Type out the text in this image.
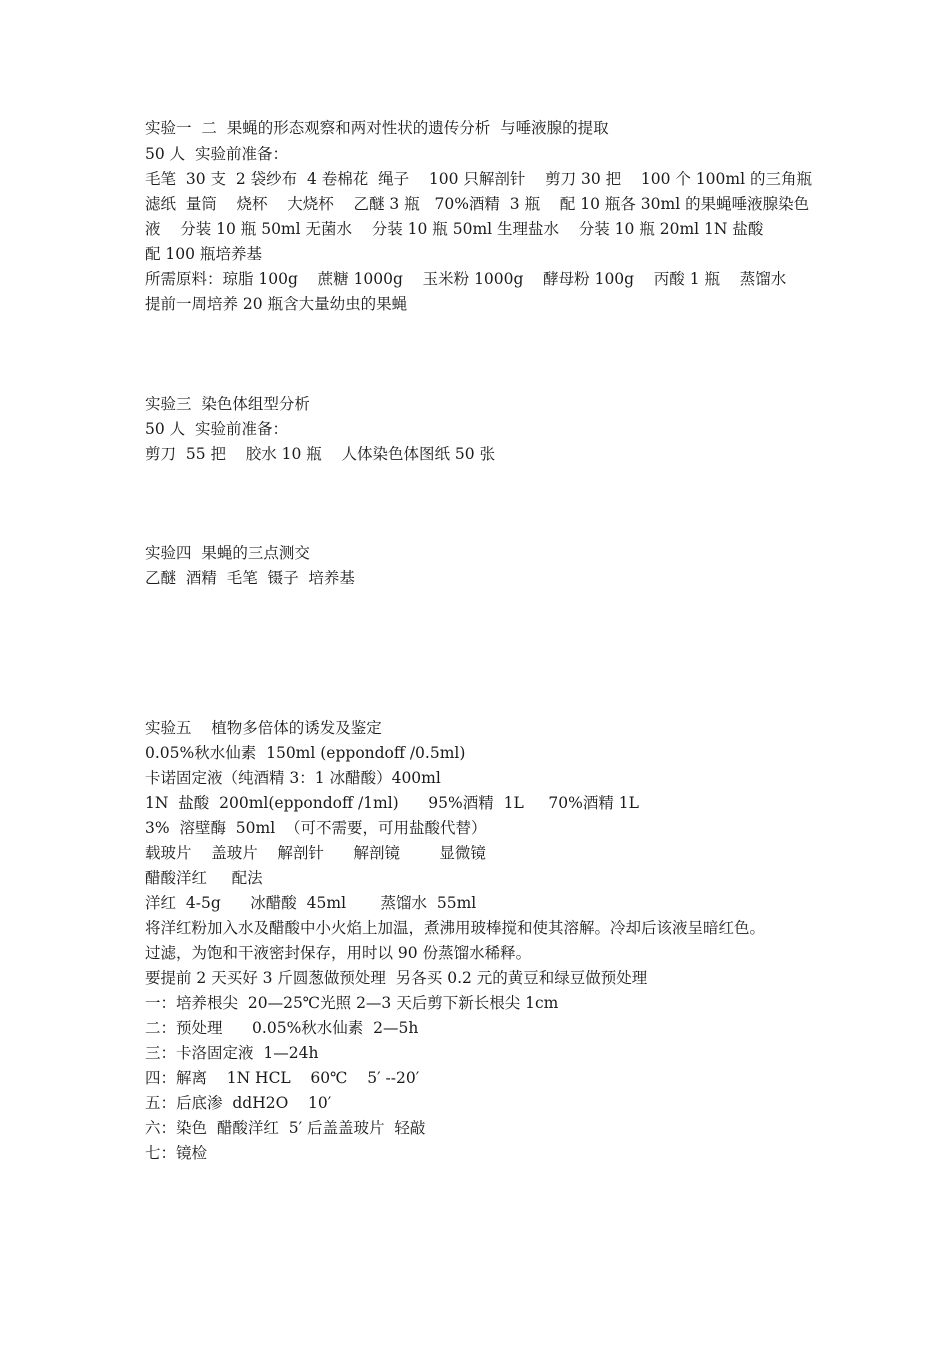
实验一  二  果蝇的形态观察和两对性状的遗传分析  与唾液腺的提取
50 人  实验前准备：
毛笔  30 支  2 袋纱布  4 卷棉花  绳子    100 只解剖针    剪刀 30 把    100 个 100ml 的三角瓶
滤纸  量筒    烧杯    大烧杯    乙醚 3 瓶   70%酒精  3 瓶    配 10 瓶各 30ml 的果蝇唾液腺染色
液    分装 10 瓶 50ml 无菌水    分装 10 瓶 50ml 生理盐水    分装 10 瓶 20ml 1N 盐酸
配 100 瓶培养基
所需原料：琼脂 100g    蔗糖 1000g    玉米粉 1000g    酵母粉 100g    丙酸 1 瓶    蒸馏水
提前一周培养 20 瓶含大量幼虫的果蝇
实验三  染色体组型分析
50 人  实验前准备：
剪刀  55 把    胶水 10 瓶    人体染色体图纸 50 张
实验四  果蝇的三点测交
乙醚  酒精  毛笔  镊子  培养基
实验五    植物多倍体的诱发及鉴定
0.05%秋水仙素  150ml (eppondoff /0.5ml)
卡诺固定液（纯酒精 3：1 冰醋酸）400ml
1N  盐酸  200ml(eppondoff /1ml)      95%酒精  1L     70%酒精 1L
3%  溶壁酶  50ml  （可不需要，可用盐酸代替）
载玻片    盖玻片    解剖针      解剖镜        显微镜
醋酸洋红     配法
洋红  4-5g      冰醋酸  45ml       蒸馏水  55ml
将洋红粉加入水及醋酸中小火焰上加温，煮沸用玻棒搅和使其溶解。冷却后该液呈暗红色。
过滤，为饱和干液密封保存，用时以 90 份蒸馏水稀释。
要提前 2 天买好 3 斤圆葱做预处理  另各买 0.2 元的黄豆和绿豆做预处理
一：培养根尖  20—25℃光照 2—3 天后剪下新长根尖 1cm
二：预处理      0.05%秋水仙素  2—5h
三：卡洛固定液  1—24h
四：解离    1N HCL    60℃    5′ --20′
五：后底渗  ddH2O    10′
六：染色  醋酸洋红  5′ 后盖盖玻片  轻敲
七：镜检
